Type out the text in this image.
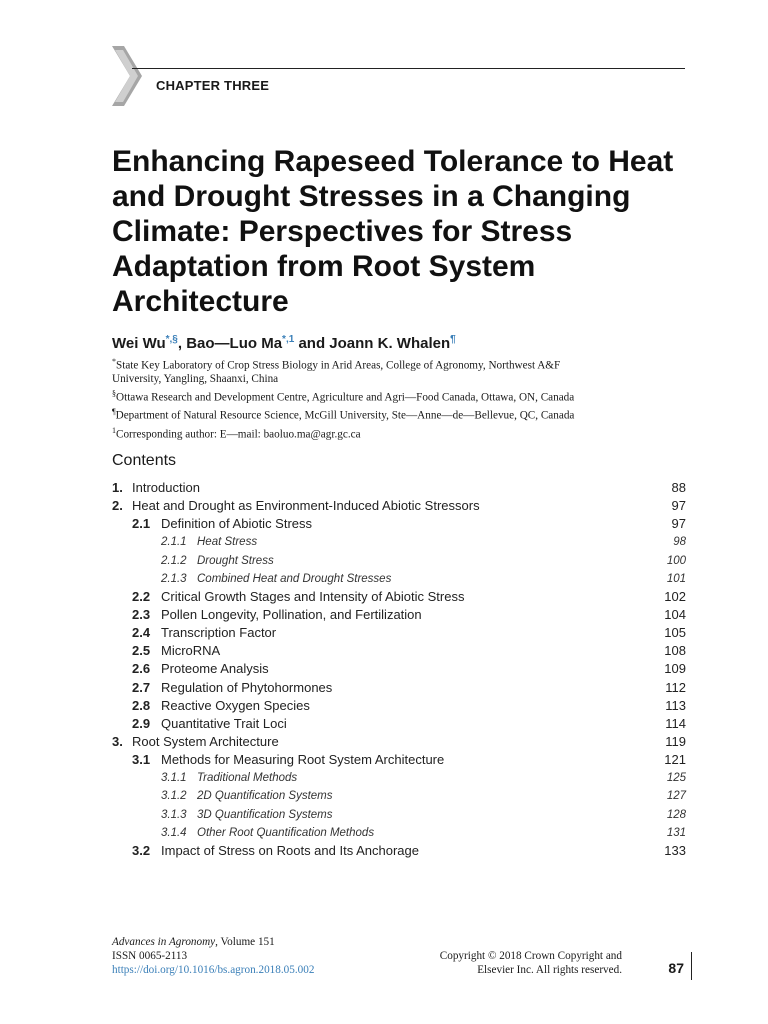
CHAPTER THREE
Enhancing Rapeseed Tolerance to Heat and Drought Stresses in a Changing Climate: Perspectives for Stress Adaptation from Root System Architecture
Wei Wu*,§, Bao—Luo $Ma^{*,1}$ and Joann K. Whalen¶
*State Key Laboratory of Crop Stress Biology in Arid Areas, College of Agronomy, Northwest A&F
University, Yangling, Shaanxi, China
§Ottawa Research and Development Centre, Agriculture and Agri—Food Canada, Ottawa, ON, Canada
¶Department of Natural Resource Science, McGill University, Ste—Anne—de—Bellevue, QC, Canada
$^1$Corresponding author: E—mail: baoluo.ma@agr.gc.ca
Contents
1. Introduction	88
2. Heat and Drought as Environment-Induced Abiotic Stressors	97
2.1 Definition of Abiotic Stress	97
2.1.1 Heat Stress	98
2.1.2 Drought Stress	100
2.1.3 Combined Heat and Drought Stresses	101
2.2 Critical Growth Stages and Intensity of Abiotic Stress	102
2.3 Pollen Longevity, Pollination, and Fertilization	104
2.4 Transcription Factor	105
2.5 MicroRNA	108
2.6 Proteome Analysis	109
2.7 Regulation of Phytohormones	112
2.8 Reactive Oxygen Species	113
2.9 Quantitative Trait Loci	114
3. Root System Architecture	119
3.1 Methods for Measuring Root System Architecture	121
3.1.1 Traditional Methods	125
3.1.2 2D Quantification Systems	127
3.1.3 3D Quantification Systems	128
3.1.4 Other Root Quantification Methods	131
3.2 Impact of Stress on Roots and Its Anchorage	133
Advances in Agronomy, Volume 151
ISSN 0065-2113
https://doi.org/10.1016/bs.agron.2018.05.002
Copyright © 2018 Crown Copyright and
Elsevier Inc. All rights reserved.	87
